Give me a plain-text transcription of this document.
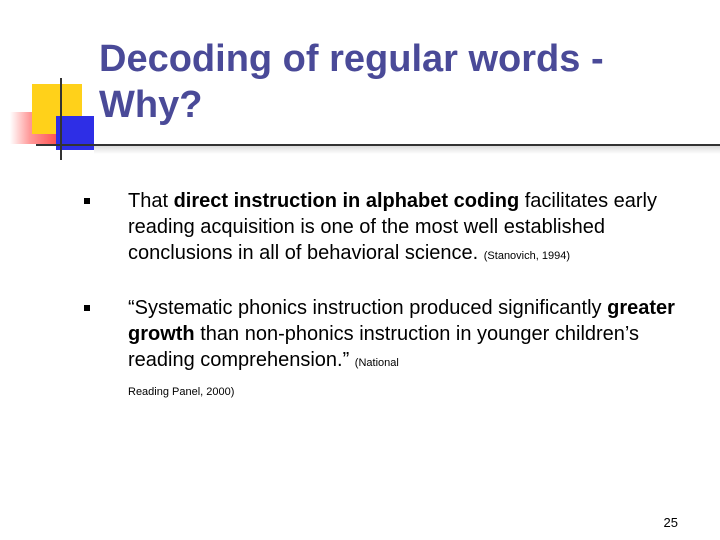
Decoding of regular words - Why?
That direct instruction in alphabet coding facilitates early reading acquisition is one of the most well established conclusions in all of behavioral science. (Stanovich, 1994)
“Systematic phonics instruction produced significantly greater growth than non-phonics instruction in younger children’s reading comprehension.” (National
Reading Panel, 2000)
25
